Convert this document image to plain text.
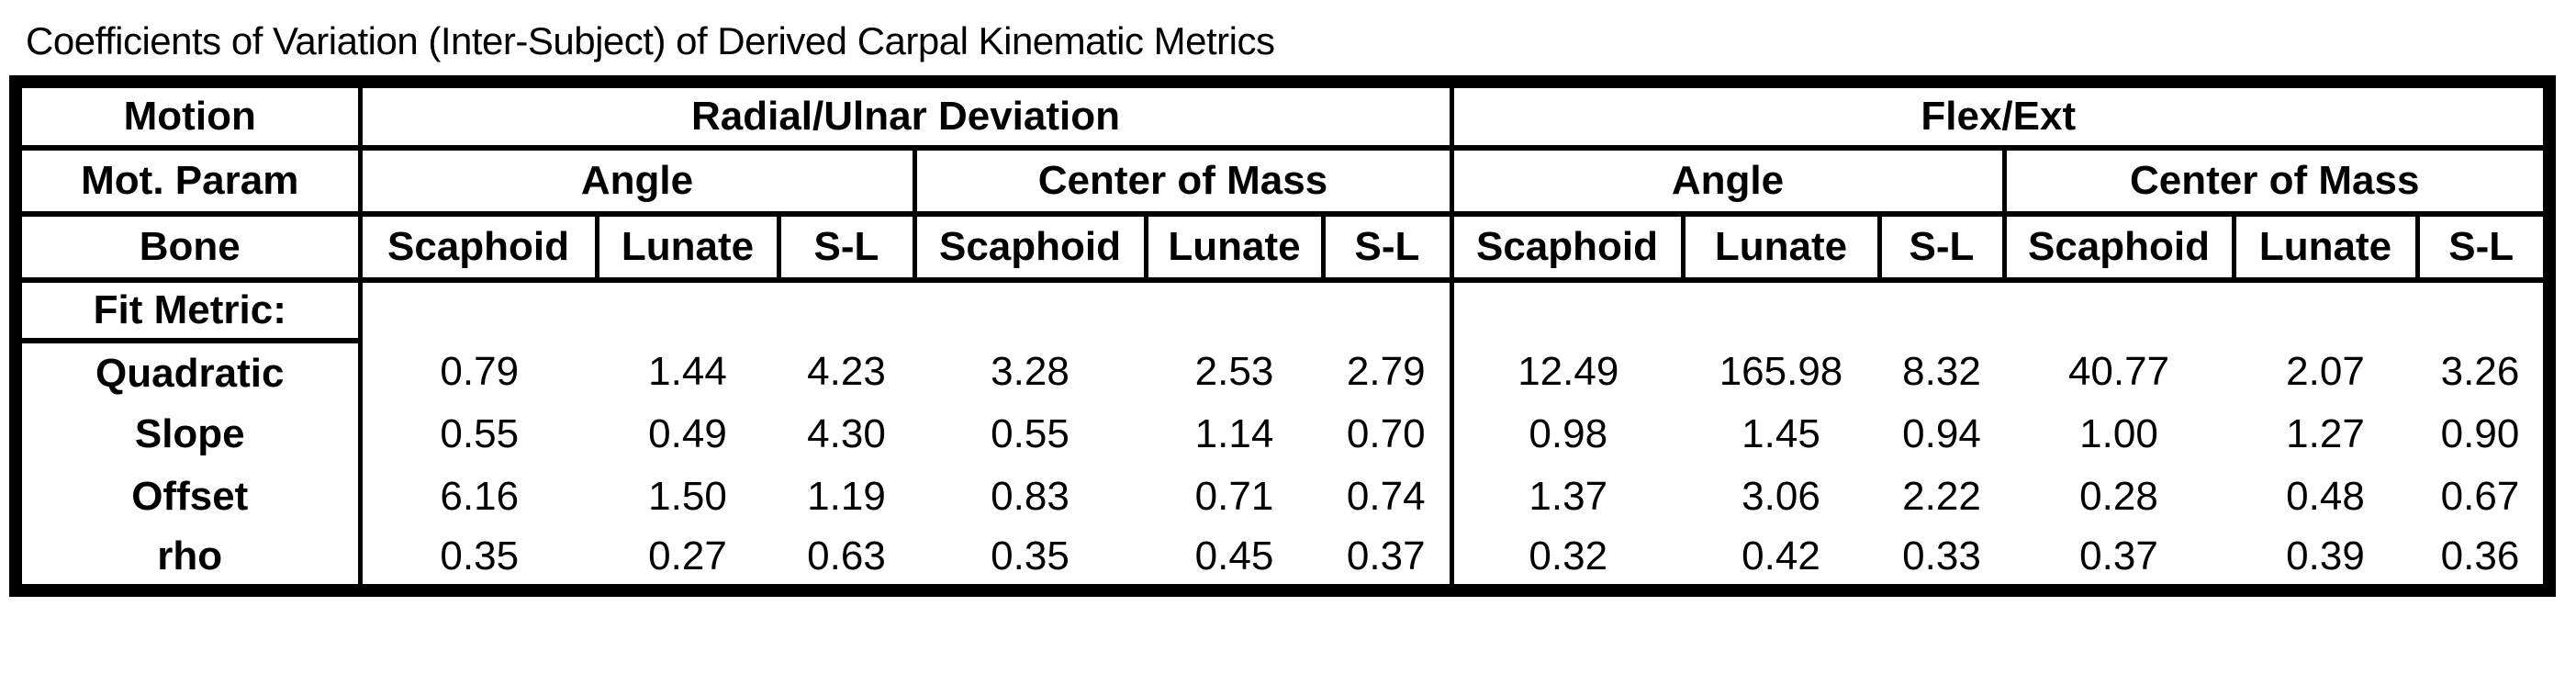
Coefficients of Variation (Inter-Subject) of Derived Carpal Kinematic Metrics
Motion	Radial/Ulnar Deviation						Flex/Ext					
Mot. Param	Angle			Center of Mass			Angle			Center of Mass		
Bone	Scaphoid	Lunate	S-L	Scaphoid	Lunate	S-L	Scaphoid	Lunate	S-L	Scaphoid	Lunate	S-L
Fit Metric:												
Quadratic	0.79	1.44	4.23	3.28	2.53	2.79	12.49	165.98	8.32	40.77	2.07	3.26
Slope	0.55	0.49	4.30	0.55	1.14	0.70	0.98	1.45	0.94	1.00	1.27	0.90
Offset	6.16	1.50	1.19	0.83	0.71	0.74	1.37	3.06	2.22	0.28	0.48	0.67
rho	0.35	0.27	0.63	0.35	0.45	0.37	0.32	0.42	0.33	0.37	0.39	0.36
